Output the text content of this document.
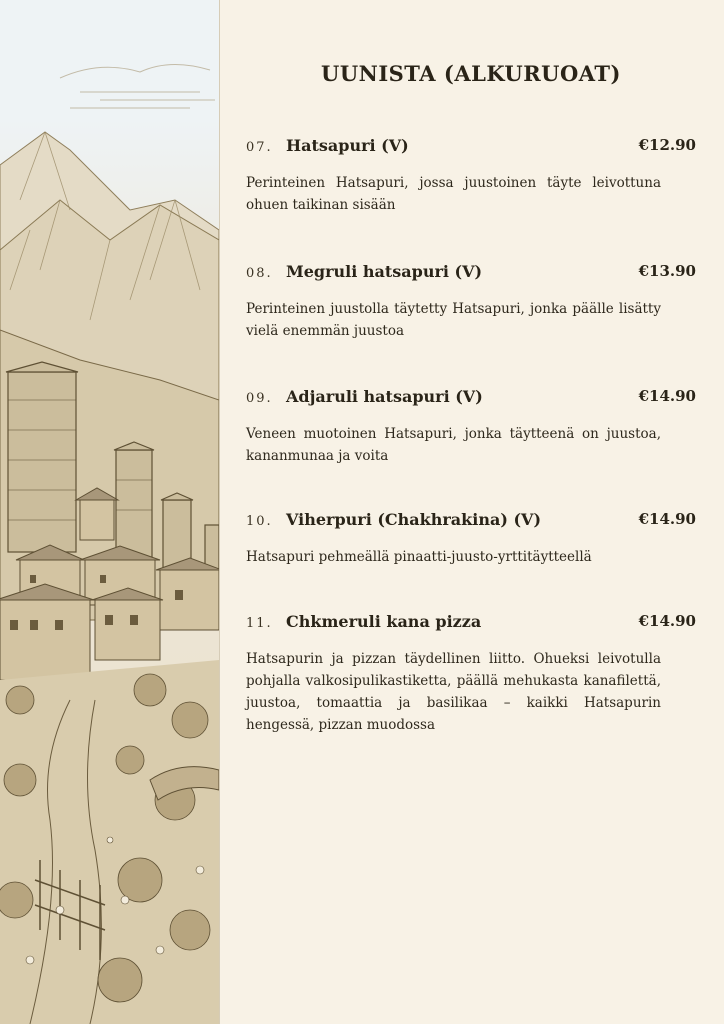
UUNISTA (ALKURUOAT)
07. Hatsapuri (V)	€12.90

Perinteinen Hatsapuri, jossa juustoinen täyte leivottuna ohuen taikinan sisään

08. Megruli hatsapuri (V)	€13.90

Perinteinen juustolla täytetty Hatsapuri, jonka päälle lisätty vielä enemmän juustoa

09. Adjaruli hatsapuri (V)	€14.90

Veneen muotoinen Hatsapuri, jonka täytteenä on juustoa, kananmunaa ja voita

10. Viherpuri (Chakhrakina) (V)	€14.90

Hatsapuri pehmeällä pinaatti-juusto-yrttitäytteellä

11. Chkmeruli kana pizza	€14.90

Hatsapurin ja pizzan täydellinen liitto. Ohueksi leivotulla pohjalla valkosipulikastiketta, päällä mehukasta kanafilettä, juustoa, tomaattia ja basilikaa – kaikki Hatsapurin hengessä, pizzan muodossa
